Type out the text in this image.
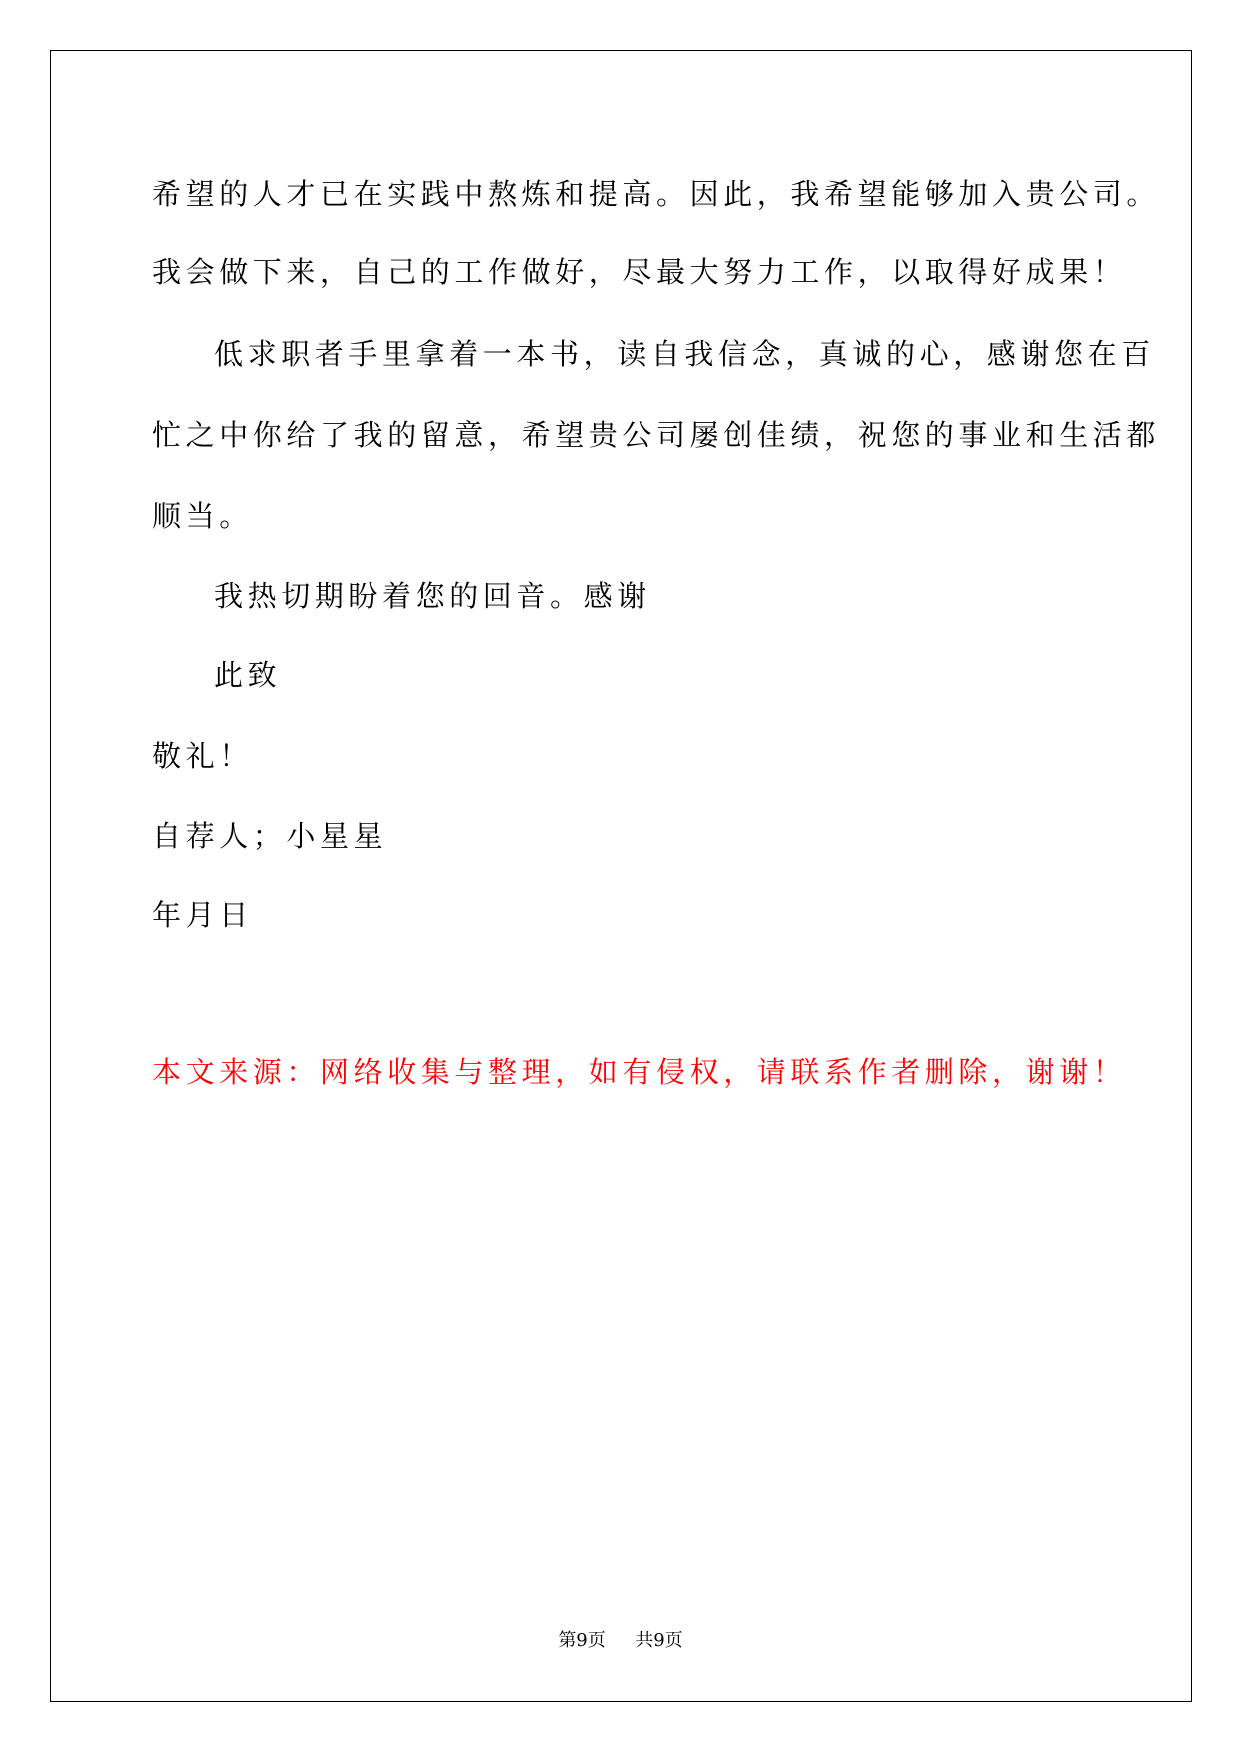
希望的人才已在实践中熬炼和提高。因此，我希望能够加入贵公司。
我会做下来，自己的工作做好，尽最大努力工作，以取得好成果！
低求职者手里拿着一本书，读自我信念，真诚的心，感谢您在百
忙之中你给了我的留意，希望贵公司屡创佳绩，祝您的事业和生活都
顺当。
我热切期盼着您的回音。感谢
此致
敬礼！
自荐人；小星星
年月日
本文来源：网络收集与整理，如有侵权，请联系作者删除，谢谢！
第9页 共9页
